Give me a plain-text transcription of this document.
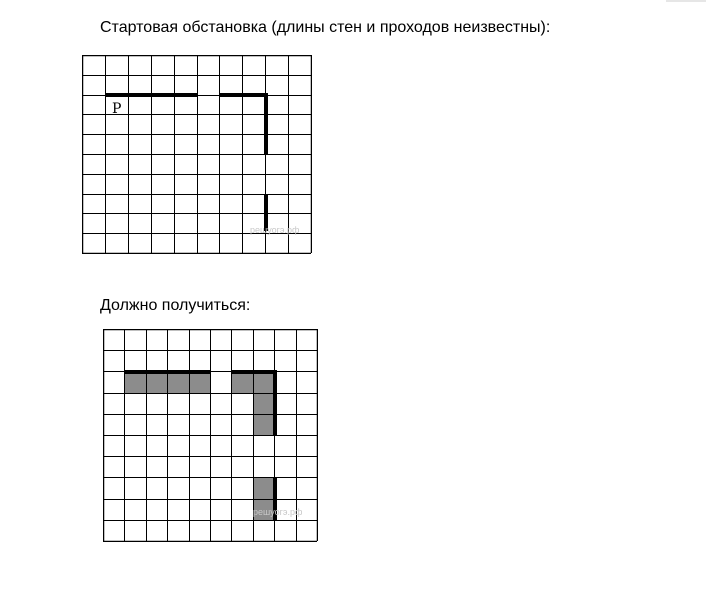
Стартовая обстановка (длины стен и проходов неизвестны):
Р
решуогэ.рф
Должно получиться:
решуогэ.рф
